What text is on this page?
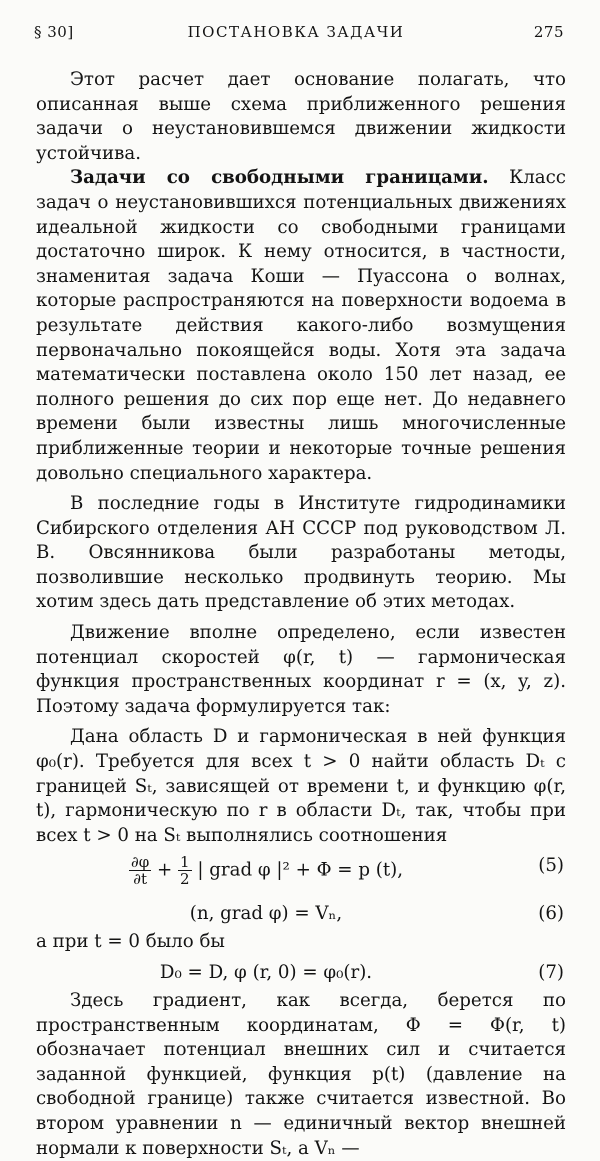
§ 30]	ПОСТАНОВКА ЗАДАЧИ	275

Этот расчет дает основание полагать, что описанная выше схема приближенного решения задачи о неустановившемся движении жидкости устойчива.

Задачи со свободными границами. Класс задач о неустановившихся потенциальных движениях идеальной жидкости со свободными границами достаточно широк. К нему относится, в частности, знаменитая задача Коши — Пуассона о волнах, которые распространяются на поверхности водоема в результате действия какого-либо возмущения первоначально покоящейся воды. Хотя эта задача математически поставлена около 150 лет назад, ее полного решения до сих пор еще нет. До недавнего времени были известны лишь многочисленные приближенные теории и некоторые точные решения довольно специального характера.

В последние годы в Институте гидродинамики Сибирского отделения АН СССР под руководством Л. В. Овсянникова были разработаны методы, позволившие несколько продвинуть теорию. Мы хотим здесь дать представление об этих методах.

Движение вполне определено, если известен потенциал скоростей φ(r, t) — гармоническая функция пространственных координат r = (x, y, z). Поэтому задача формулируется так:

Дана область D и гармоническая в ней функция φ₀(r). Требуется для всех t > 0 найти область Dₜ с границей Sₜ, зависящей от времени t, и функцию φ(r, t), гармоническую по r в области Dₜ, так, чтобы при всех t > 0 на Sₜ выполнялись соотношения

$\frac{\partial\varphi}{\partial t} + \frac{1}{2}$ | grad φ |² + Φ = p (t),	(5)
(n, grad φ) = Vₙ,	(6)

а при t = 0 было бы

D₀ = D, φ (r, 0) = φ₀(r).	(7)

Здесь градиент, как всегда, берется по пространственным координатам, Φ = Φ(r, t) обозначает потенциал внешних сил и считается заданной функцией, функция p(t) (давление на свободной границе) также считается известной. Во втором уравнении n — единичный вектор внешней нормали к поверхности Sₜ, а Vₙ —
